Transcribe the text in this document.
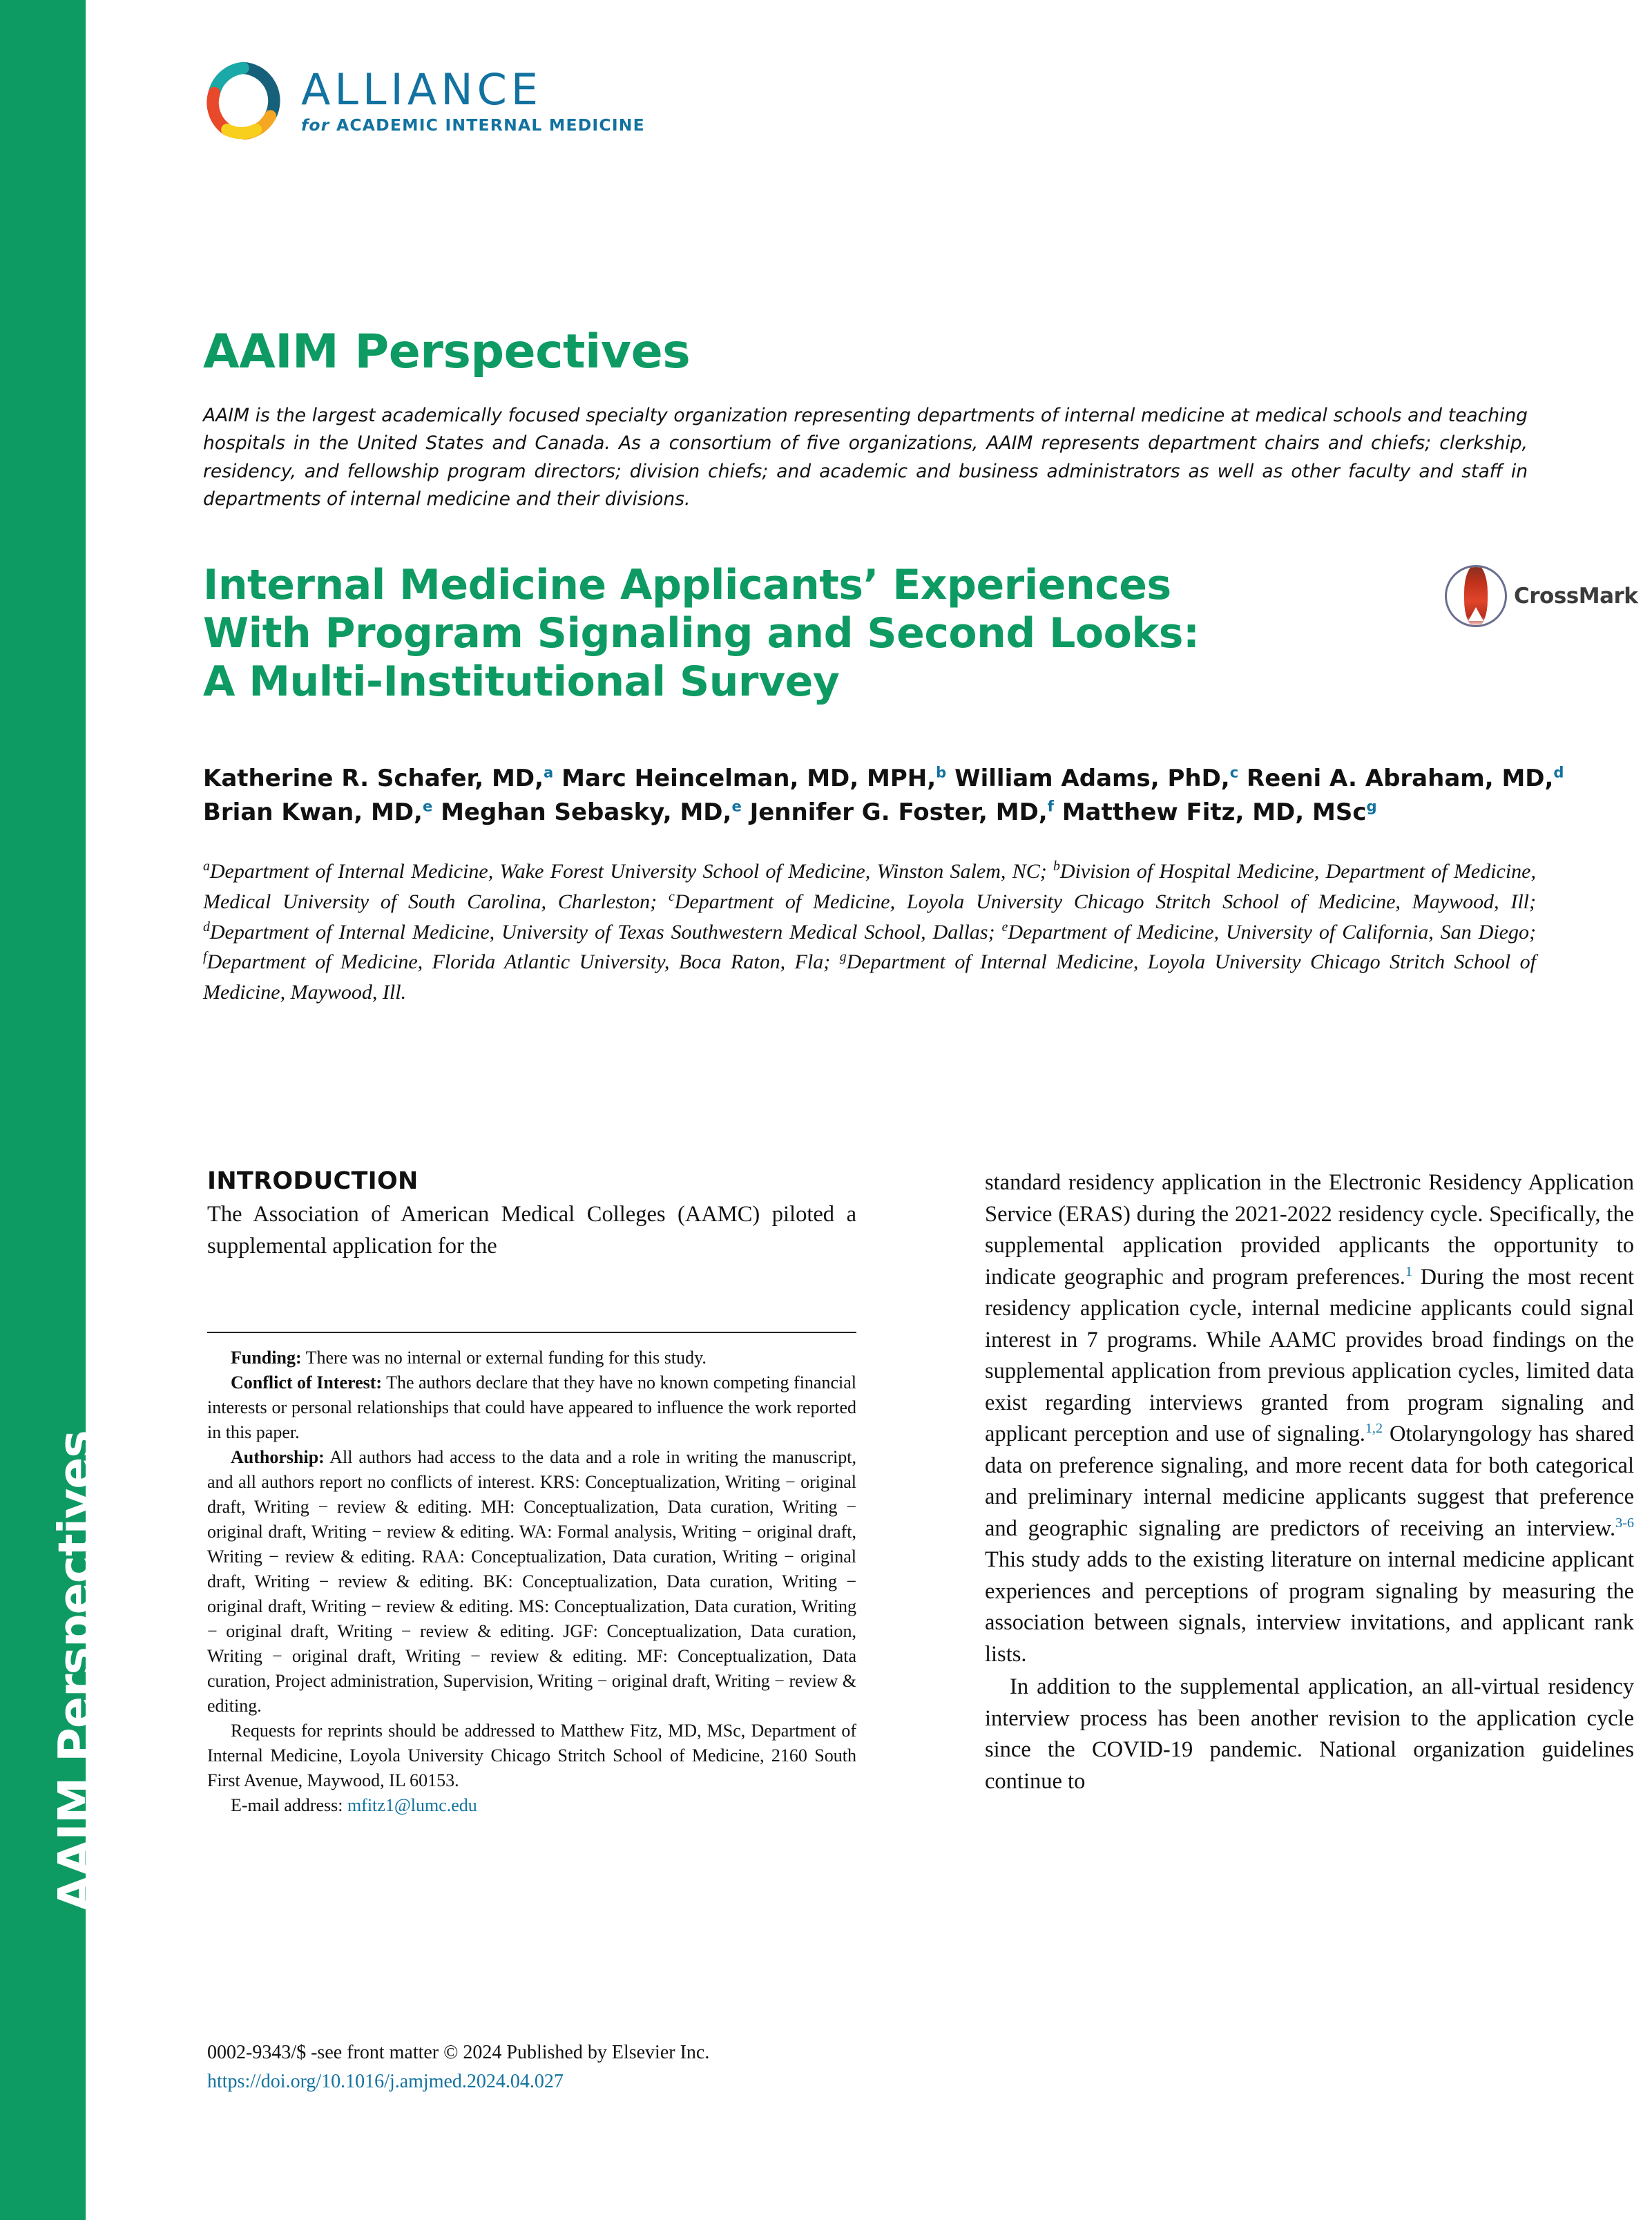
AAIM Perspectives
ALLIANCE
for ACADEMIC INTERNAL MEDICINE
AAIM Perspectives
AAIM is the largest academically focused specialty organization representing departments of internal medicine at medical schools and teaching hospitals in the United States and Canada. As a consortium of five organizations, AAIM represents department chairs and chiefs; clerkship, residency, and fellowship program directors; division chiefs; and academic and business administrators as well as other faculty and staff in departments of internal medicine and their divisions.
Internal Medicine Applicants’ Experiences
With Program Signaling and Second Looks:
A Multi-Institutional Survey
CrossMark
Katherine R. Schafer, MD,$^a$ Marc Heincelman, MD, MPH,$^b$ William Adams, PhD,$^c$ Reeni A. Abraham, MD,$^d$
Brian Kwan, MD,$^e$ Meghan Sebasky, MD,$^e$ Jennifer G. Foster, MD,$^f$ Matthew Fitz, MD, MSc$^g$
$^a$Department of Internal Medicine, Wake Forest University School of Medicine, Winston Salem, NC; $^b$Division of Hospital Medicine, Department of Medicine, Medical University of South Carolina, Charleston; $^c$Department of Medicine, Loyola University Chicago Stritch School of Medicine, Maywood, Ill; $^d$Department of Internal Medicine, University of Texas Southwestern Medical School, Dallas; $^e$Department of Medicine, University of California, San Diego; $^f$Department of Medicine, Florida Atlantic University, Boca Raton, Fla; $^g$Department of Internal Medicine, Loyola University Chicago Stritch School of Medicine, Maywood, Ill.
INTRODUCTION

The Association of American Medical Colleges (AAMC) piloted a supplemental application for the

Funding: There was no internal or external funding for this study.

Conflict of Interest: The authors declare that they have no known competing financial interests or personal relationships that could have appeared to influence the work reported in this paper.

Authorship: All authors had access to the data and a role in writing the manuscript, and all authors report no conflicts of interest. KRS: Conceptualization, Writing − original draft, Writing − review & editing. MH: Conceptualization, Data curation, Writing − original draft, Writing − review & editing. WA: Formal analysis, Writing − original draft, Writing − review & editing. RAA: Conceptualization, Data curation, Writing − original draft, Writing − review & editing. BK: Conceptualization, Data curation, Writing − original draft, Writing − review & editing. MS: Conceptualization, Data curation, Writing − original draft, Writing − review & editing. JGF: Conceptualization, Data curation, Writing − original draft, Writing − review & editing. MF: Conceptualization, Data curation, Project administration, Supervision, Writing − original draft, Writing − review & editing.

Requests for reprints should be addressed to Matthew Fitz, MD, MSc, Department of Internal Medicine, Loyola University Chicago Stritch School of Medicine, 2160 South First Avenue, Maywood, IL 60153.

E-mail address: mfitz1@lumc.edu

standard residency application in the Electronic Residency Application Service (ERAS) during the 2021-2022 residency cycle. Specifically, the supplemental application provided applicants the opportunity to indicate geographic and program preferences.$^1$ During the most recent residency application cycle, internal medicine applicants could signal interest in 7 programs. While AAMC provides broad findings on the supplemental application from previous application cycles, limited data exist regarding interviews granted from program signaling and applicant perception and use of signaling.$^{1,2}$ Otolaryngology has shared data on preference signaling, and more recent data for both categorical and preliminary internal medicine applicants suggest that preference and geographic signaling are predictors of receiving an interview.$^{3-6}$ This study adds to the existing literature on internal medicine applicant experiences and perceptions of program signaling by measuring the association between signals, interview invitations, and applicant rank lists.

In addition to the supplemental application, an all-virtual residency interview process has been another revision to the application cycle since the COVID-19 pandemic. National organization guidelines continue to

0002-9343/$ -see front matter © 2024 Published by Elsevier Inc.
https://doi.org/10.1016/j.amjmed.2024.04.027
